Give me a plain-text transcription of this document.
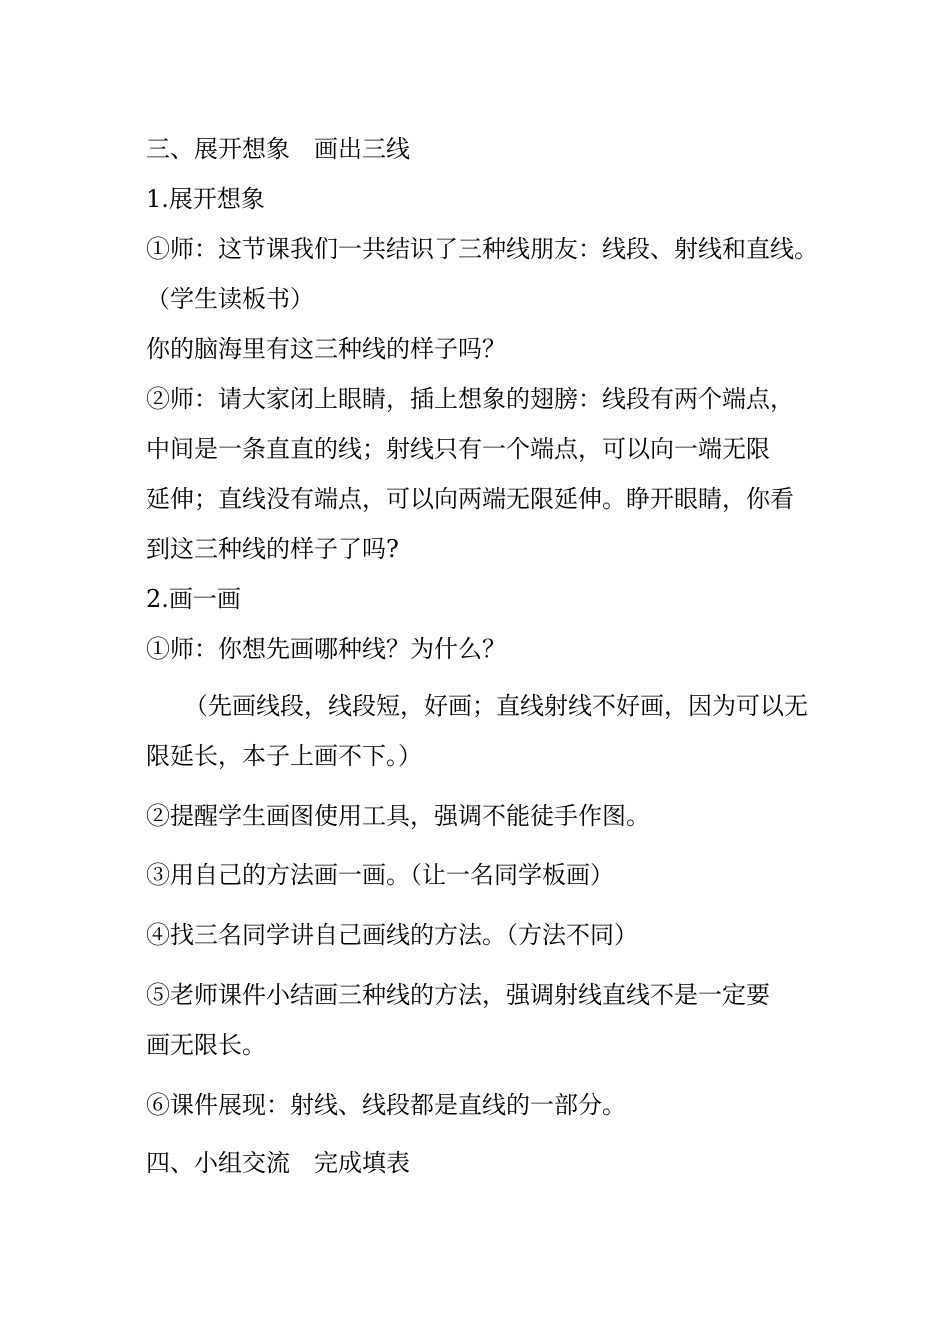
三、展开想象　画出三线
1.展开想象
①师：这节课我们一共结识了三种线朋友：线段、射线和直线。
（学生读板书）
你的脑海里有这三种线的样子吗？
②师：请大家闭上眼睛，插上想象的翅膀：线段有两个端点，
中间是一条直直的线；射线只有一个端点，可以向一端无限
延伸；直线没有端点，可以向两端无限延伸。睁开眼睛，你看
到这三种线的样子了吗?
2.画一画
①师：你想先画哪种线？为什么？
（先画线段，线段短，好画；直线射线不好画，因为可以无
限延长，本子上画不下。）
②提醒学生画图使用工具，强调不能徒手作图。
③用自己的方法画一画。（让一名同学板画）
④找三名同学讲自己画线的方法。（方法不同）
⑤老师课件小结画三种线的方法，强调射线直线不是一定要
画无限长。
⑥课件展现：射线、线段都是直线的一部分。
四、小组交流　完成填表
